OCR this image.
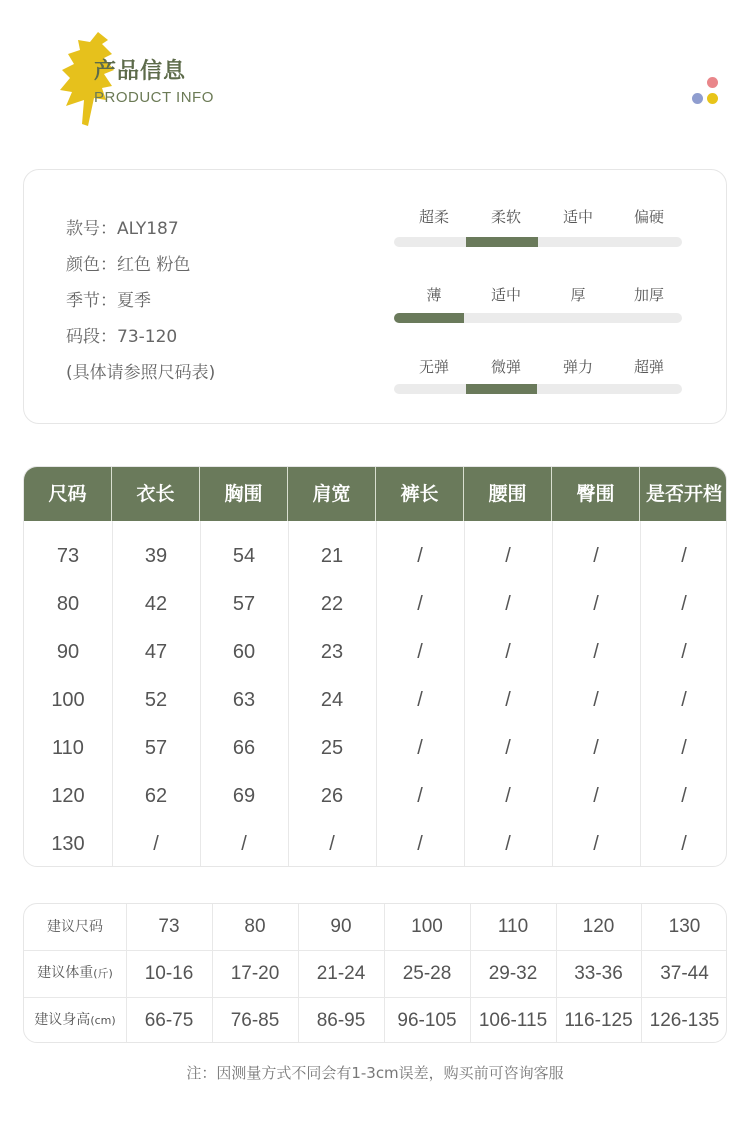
产品信息
PRODUCT INFO
款号：ALY187
颜色：红色 粉色
季节：夏季
码段：73-120
(具体请参照尺码表)
超柔	柔软	适中	偏硬
薄	适中	厚	加厚
无弹	微弹	弹力	超弹
尺码	衣长	胸围	肩宽	裤长	腰围	臀围	是否开档
73	39	54	21	/	/	/	/
80	42	57	22	/	/	/	/
90	47	60	23	/	/	/	/
100	52	63	24	/	/	/	/
110	57	66	25	/	/	/	/
120	62	69	26	/	/	/	/
130	/	/	/	/	/	/	/
建议尺码	73	80	90	100	110	120	130
建议体重(斤)	10-16	17-20	21-24	25-28	29-32	33-36	37-44
建议身高(cm)	66-75	76-85	86-95	96-105	106-115 116-125 126-135
注：因测量方式不同会有1-3cm误差，购买前可咨询客服
